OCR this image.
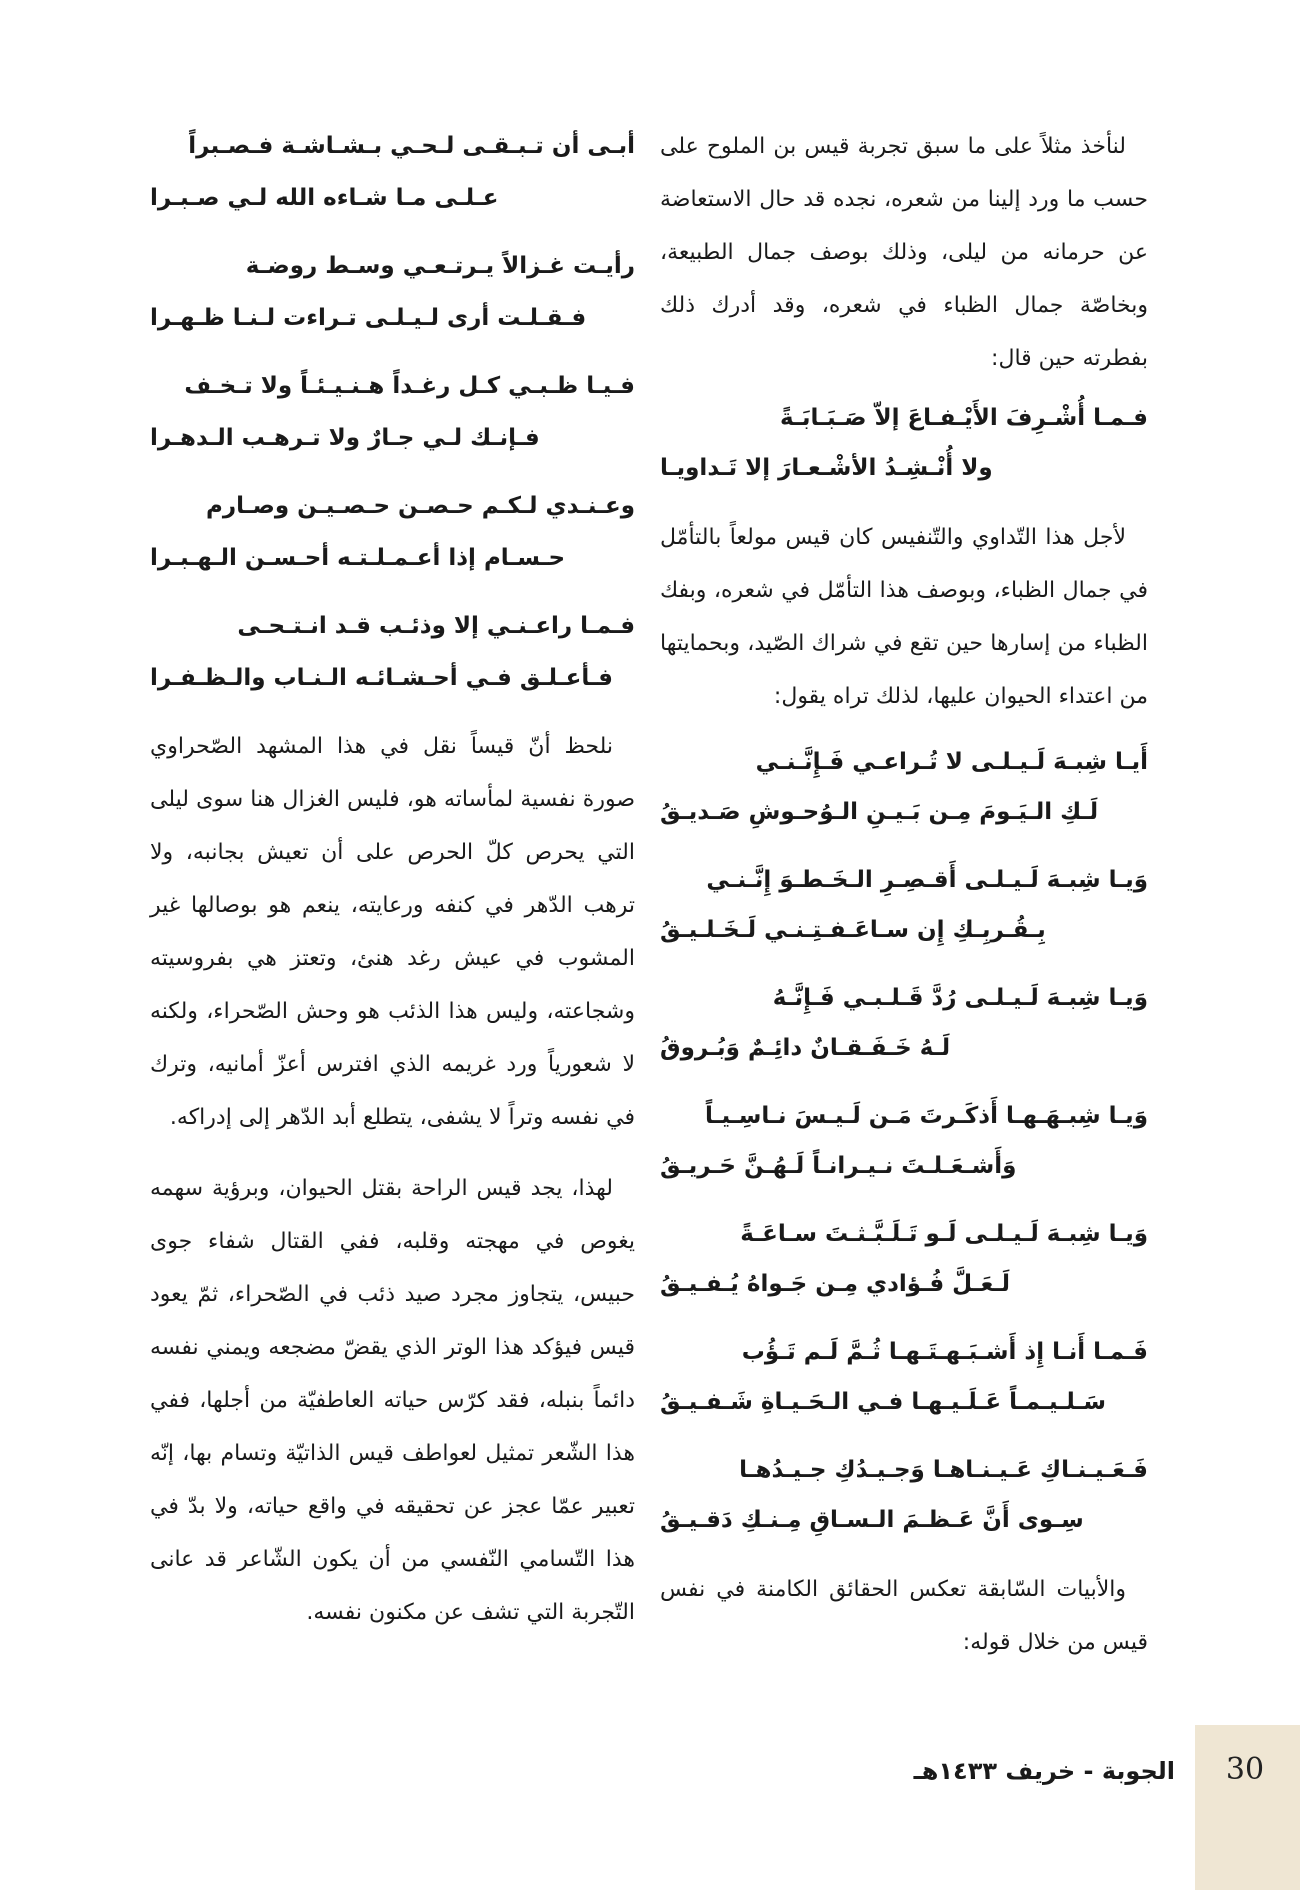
لنأخذ مثلاً على ما سبق تجربة قيس بن الملوح على حسب ما ورد إلينا من شعره، نجده قد حال الاستعاضة عن حرمانه من ليلى، وذلك بوصف جمال الطبيعة، وبخاصّة جمال الظباء في شعره، وقد أدرك ذلك بفطرته حين قال:

فـمـا أُشْـرِفَ الأَيْـفـاعَ إلاّ صَـبَـابَـةً
ولا أُنْـشِـدُ الأشْـعـارَ إلا تَـداويـا

لأجل هذا التّداوي والتّنفيس كان قيس مولعاً بالتأمّل في جمال الظباء، وبوصف هذا التأمّل في شعره، وبفك الظباء من إسارها حين تقع في شراك الصّيد، وبحمايتها من اعتداء الحيوان عليها، لذلك تراه يقول:

أَيـا شِبـهَ لَـيـلـى لا تُـراعـي فَـإِنَّـنـي
لَـكِ الـيَـومَ مِـن بَـيـنِ الـوُحـوشِ صَـديـقُ
وَيـا شِبـهَ لَـيـلـى أَقـصِـرِ الـخَـطـوَ إِنَّـنـي
بِـقُـربِـكِ إِن سـاعَـفـتِـنـي لَـخَـلـيـقُ
وَيـا شِبـهَ لَـيـلـى رُدَّ قَـلـبـي فَـإِنَّـهُ
لَـهُ خَـفَـقـانٌ دائِـمٌ وَبُـروقُ
وَيـا شِبـهَـهـا أَذكَـرتَ مَـن لَـيـسَ نـاسِـيـاً
وَأَشـعَـلـتَ نـيـرانـاً لَـهُـنَّ حَـريـقُ
وَيـا شِبـهَ لَـيـلـى لَـو تَـلَـبَّـثـتَ سـاعَـةً
لَـعَـلَّ فُـؤادي مِـن جَـواهُ يُـفـيـقُ
فَـمـا أَنـا إِذ أَشـبَـهـتَـهـا ثُـمَّ لَـم تَـؤُب
سَـلـيـمـاً عَـلَـيـهـا فـي الـحَـيـاةِ شَـفـيـقُ
فَـعَـيـنـاكِ عَـيـنـاهـا وَجـيـدُكِ جـيـدُهـا
سِـوى أَنَّ عَـظـمَ الـسـاقِ مِـنـكِ دَقـيـقُ

والأبيات السّابقة تعكس الحقائق الكامنة في نفس قيس من خلال قوله:

أبـى أن تـبـقـى لـحـي بـشـاشـة فـصـبراً
عـلـى مـا شـاءه الله لـي صـبـرا
رأيـت غـزالاً يـرتـعـي وسـط روضـة
فـقـلـت أرى لـيـلـى تـراءت لـنـا ظـهـرا
فـيـا ظـبـي كـل رغـداً هـنـيـئـاً ولا تـخـف
فـإنـك لـي جـارٌ ولا تـرهـب الـدهـرا
وعـنـدي لـكـم حـصـن حـصـيـن وصـارم
حـسـام إذا أعـمـلـتـه أحـسـن الـهـبـرا
فـمـا راعـنـي إلا وذئـب قـد انـتـحـى
فـأعـلـق فـي أحـشـائـه الـنـاب والـظـفـرا

نلحظ أنّ قيساً نقل في هذا المشهد الصّحراوي صورة نفسية لمأساته هو، فليس الغزال هنا سوى ليلى التي يحرص كلّ الحرص على أن تعيش بجانبه، ولا ترهب الدّهر في كنفه ورعايته، ينعم هو بوصالها غير المشوب في عيش رغد هنئ، وتعتز هي بفروسيته وشجاعته، وليس هذا الذئب هو وحش الصّحراء، ولكنه لا شعورياً ورد غريمه الذي افترس أعزّ أمانيه، وترك في نفسه وتراً لا يشفى، يتطلع أبد الدّهر إلى إدراكه.

لهذا، يجد قيس الراحة بقتل الحيوان، وبرؤية سهمه يغوص في مهجته وقلبه، ففي القتال شفاء جوى حبيس، يتجاوز مجرد صيد ذئب في الصّحراء، ثمّ يعود قيس فيؤكد هذا الوتر الذي يقضّ مضجعه ويمني نفسه دائماً بنبله، فقد كرّس حياته العاطفيّة من أجلها، ففي هذا الشّعر تمثيل لعواطف قيس الذاتيّة وتسام بها، إنّه تعبير عمّا عجز عن تحقيقه في واقع حياته، ولا بدّ في هذا التّسامي النّفسي من أن يكون الشّاعر قد عانى التّجربة التي تشف عن مكنون نفسه.

30
الجوبة - خريف ١٤٣٣هـ
